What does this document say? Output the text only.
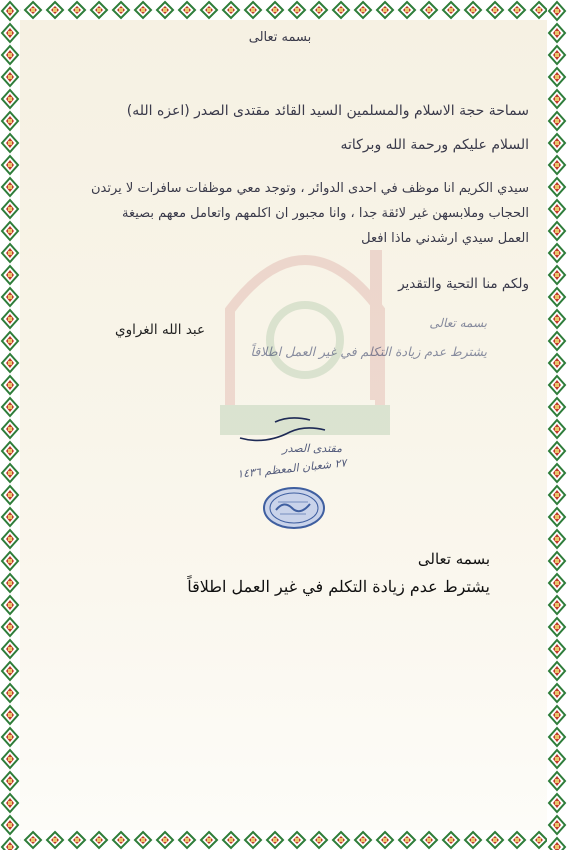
بسمه تعالى
سماحة حجة الاسلام والمسلمين السيد القائد مقتدى الصدر (اعزه الله)
السلام عليكم ورحمة الله وبركاته
سيدي الكريم انا موظف في احدى الدوائر ، وتوجد معي موظفات سافرات لا يرتدن
الحجاب وملابسهن غير لائقة جدا ، وانا مجبور ان اكلمهم واتعامل معهم بصيغة
العمل سيدي ارشدني ماذا افعل
ولكم منا التحية والتقدير
عبد الله الغراوي	بسمه تعالى
يشترط عدم زيادة التكلم في غير العمل اطلاقاً
مقتدى الصدر
٢٧ شعبان المعظم ١٤٣٦
بسمه تعالى
يشترط عدم زيادة التكلم في غير العمل اطلاقاً
